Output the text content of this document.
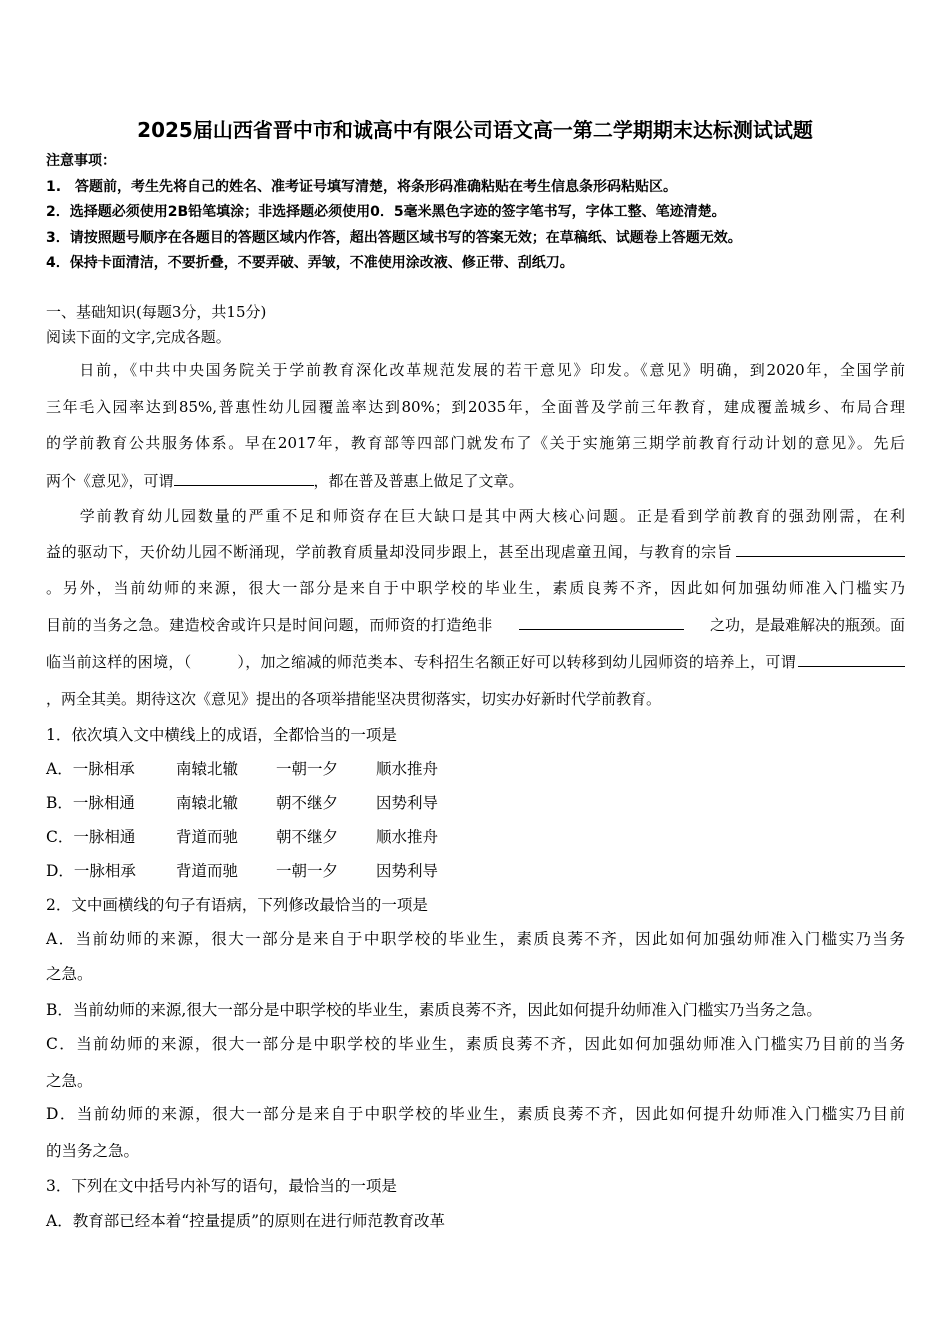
2025届山西省晋中市和诚高中有限公司语文高一第二学期期末达标测试试题
注意事项：
1.　答题前，考生先将自己的姓名、准考证号填写清楚，将条形码准确粘贴在考生信息条形码粘贴区。
2．选择题必须使用2B铅笔填涂；非选择题必须使用0．5毫米黑色字迹的签字笔书写，字体工整、笔迹清楚。
3．请按照题号顺序在各题目的答题区域内作答，超出答题区域书写的答案无效；在草稿纸、试题卷上答题无效。
4．保持卡面清洁，不要折叠，不要弄破、弄皱，不准使用涂改液、修正带、刮纸刀。
一、基础知识(每题3分，共15分)
阅读下面的文字,完成各题。
　　日前，《中共中央国务院关于学前教育深化改革规范发展的若干意见》印发。《意见》明确，到2020年，全国学前
三年毛入园率达到85%,普惠性幼儿园覆盖率达到80%；到2035年，全面普及学前三年教育，建成覆盖城乡、布局合理
的学前教育公共服务体系。早在2017年，教育部等四部门就发布了《关于实施第三期学前教育行动计划的意见》。先后
两个《意见》，可谓	，都在普及普惠上做足了文章。
　　学前教育幼儿园数量的严重不足和师资存在巨大缺口是其中两大核心问题。正是看到学前教育的强劲刚需，在利
益的驱动下，天价幼儿园不断涌现，学前教育质量却没同步跟上，甚至出现虐童丑闻，与教育的宗旨
。另外，当前幼师的来源，很大一部分是来自于中职学校的毕业生，素质良莠不齐，因此如何加强幼师准入门槛实乃
目前的当务之急。建造校舍或许只是时间问题，而师资的打造绝非	之功，是最难解决的瓶颈。面
临当前这样的困境，（　　　），加之缩减的师范类本、专科招生名额正好可以转移到幼儿园师资的培养上，可谓
，两全其美。期待这次《意见》提出的各项举措能坚决贯彻落实，切实办好新时代学前教育。
1．依次填入文中横线上的成语，全都恰当的一项是
A．一脉相承	南辕北辙 一朝一夕 顺水推舟
B．一脉相通	南辕北辙 朝不继夕 因势利导
C．一脉相通	背道而驰 朝不继夕 顺水推舟
D．一脉相承	背道而驰 一朝一夕 因势利导
2．文中画横线的句子有语病，下列修改最恰当的一项是
A．当前幼师的来源，很大一部分是来自于中职学校的毕业生，素质良莠不齐，因此如何加强幼师准入门槛实乃当务
之急。
B．当前幼师的来源,很大一部分是中职学校的毕业生，素质良莠不齐，因此如何提升幼师准入门槛实乃当务之急。
C．当前幼师的来源，很大一部分是中职学校的毕业生，素质良莠不齐，因此如何加强幼师准入门槛实乃目前的当务
之急。
D．当前幼师的来源，很大一部分是来自于中职学校的毕业生，素质良莠不齐，因此如何提升幼师准入门槛实乃目前
的当务之急。
3．下列在文中括号内补写的语句，最恰当的一项是
A．教育部已经本着“控量提质”的原则在进行师范教育改革
